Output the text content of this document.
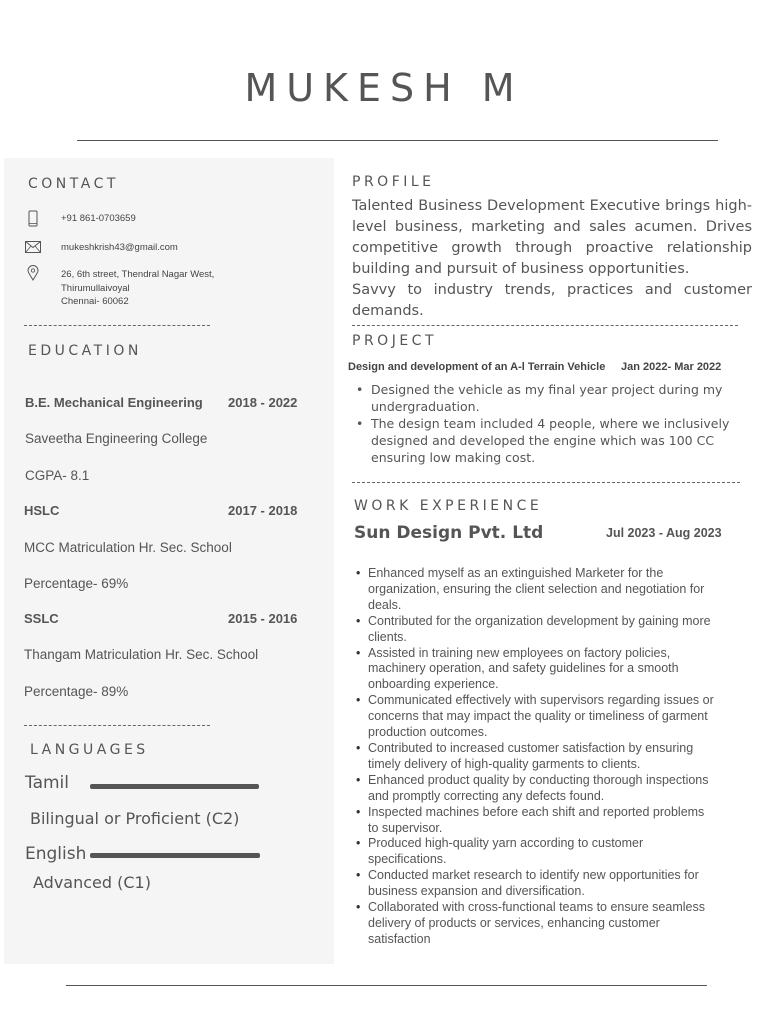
MUKESH M
CONTACT
+91 861-0703659
mukeshkrish43@gmail.com
26, 6th street, Thendral Nagar West,
Thirumullaivoyal
Chennai- 60062
EDUCATION
B.E. Mechanical Engineering 2018 - 2022
Saveetha Engineering College
CGPA- 8.1
HSLC	2017 - 2018
MCC Matriculation Hr. Sec. School
Percentage- 69%
SSLC	2015 - 2016
Thangam Matriculation Hr. Sec. School
Percentage- 89%
LANGUAGES
Tamil
Bilingual or Proficient (C2)
English
Advanced (C1)
PROFILE

Talented Business Development Executive brings high-level business, marketing and sales acumen. Drives competitive growth through proactive relationship building and pursuit of business opportunities.

Savvy to industry trends, practices and customer demands.

PROJECT
Design and development of an A-l Terrain Vehicle Jan 2022- Mar 2022
• Designed the vehicle as my final year project during my undergraduation.
• The design team included 4 people, where we inclusively designed and developed the engine which was 100 CC ensuring low making cost.
WORK EXPERIENCE
Sun Design Pvt. Ltd	Jul 2023 - Aug 2023
• Enhanced myself as an extinguished Marketer for the organization, ensuring the client selection and negotiation for deals.
• Contributed for the organization development by gaining more clients.
• Assisted in training new employees on factory policies, machinery operation, and safety guidelines for a smooth onboarding experience.
• Communicated effectively with supervisors regarding issues or concerns that may impact the quality or timeliness of garment production outcomes.
• Contributed to increased customer satisfaction by ensuring timely delivery of high-quality garments to clients.
• Enhanced product quality by conducting thorough inspections and promptly correcting any defects found.
• Inspected machines before each shift and reported problems to supervisor.
• Produced high-quality yarn according to customer specifications.
• Conducted market research to identify new opportunities for business expansion and diversification.
• Collaborated with cross-functional teams to ensure seamless delivery of products or services, enhancing customer satisfaction
